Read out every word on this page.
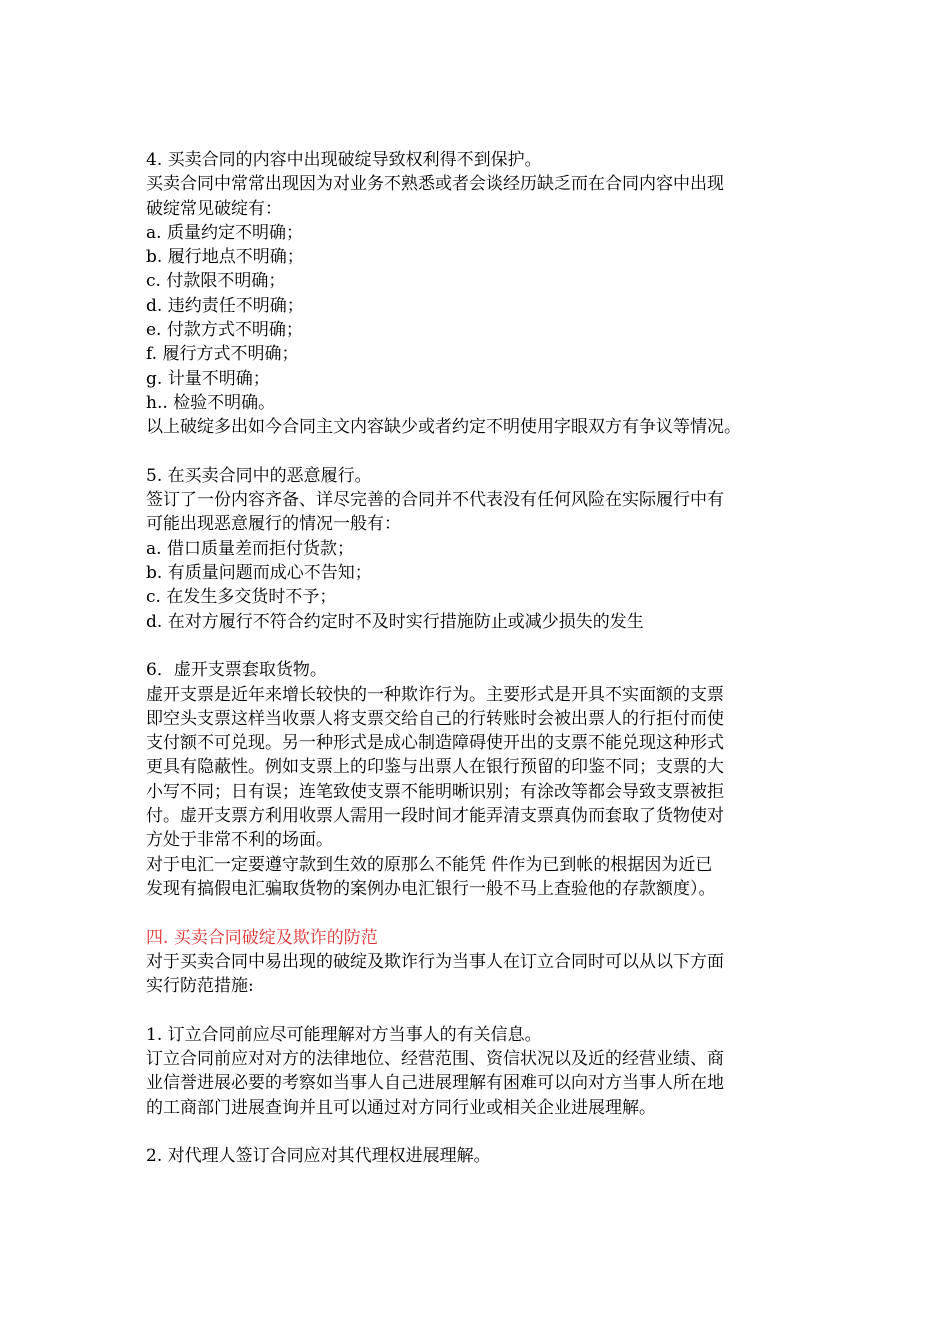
4. 买卖合同的内容中出现破绽导致权利得不到保护。
买卖合同中常常出现因为对业务不熟悉或者会谈经历缺乏而在合同内容中出现
破绽常见破绽有：
a. 质量约定不明确；
b. 履行地点不明确；
c. 付款限不明确；
d. 违约责任不明确；
e. 付款方式不明确；
f. 履行方式不明确；
g. 计量不明确；
h.. 检验不明确。
以上破绽多出如今合同主文内容缺少或者约定不明使用字眼双方有争议等情况。
5. 在买卖合同中的恶意履行。
签订了一份内容齐备、详尽完善的合同并不代表没有任何风险在实际履行中有
可能出现恶意履行的情况一般有：
a. 借口质量差而拒付货款；
b. 有质量问题而成心不告知；
c. 在发生多交货时不予；
d. 在对方履行不符合约定时不及时实行措施防止或减少损失的发生
6．虚开支票套取货物。
虚开支票是近年来增长较快的一种欺诈行为。主要形式是开具不实面额的支票
即空头支票这样当收票人将支票交给自己的行转账时会被出票人的行拒付而使
支付额不可兑现。另一种形式是成心制造障碍使开出的支票不能兑现这种形式
更具有隐蔽性。例如支票上的印鉴与出票人在银行预留的印鉴不同；支票的大
小写不同；日有误；连笔致使支票不能明晰识别；有涂改等都会导致支票被拒
付。虚开支票方利用收票人需用一段时间才能弄清支票真伪而套取了货物使对
方处于非常不利的场面。
对于电汇一定要遵守款到生效的原那么不能凭 件作为已到帐的根据因为近已
发现有搞假电汇骗取货物的案例办电汇银行一般不马上查验他的存款额度）。
四. 买卖合同破绽及欺诈的防范
对于买卖合同中易出现的破绽及欺诈行为当事人在订立合同时可以从以下方面
实行防范措施:
1. 订立合同前应尽可能理解对方当事人的有关信息。
订立合同前应对对方的法律地位、经营范围、资信状况以及近的经营业绩、商
业信誉进展必要的考察如当事人自己进展理解有困难可以向对方当事人所在地
的工商部门进展查询并且可以通过对方同行业或相关企业进展理解。
2. 对代理人签订合同应对其代理权进展理解。
